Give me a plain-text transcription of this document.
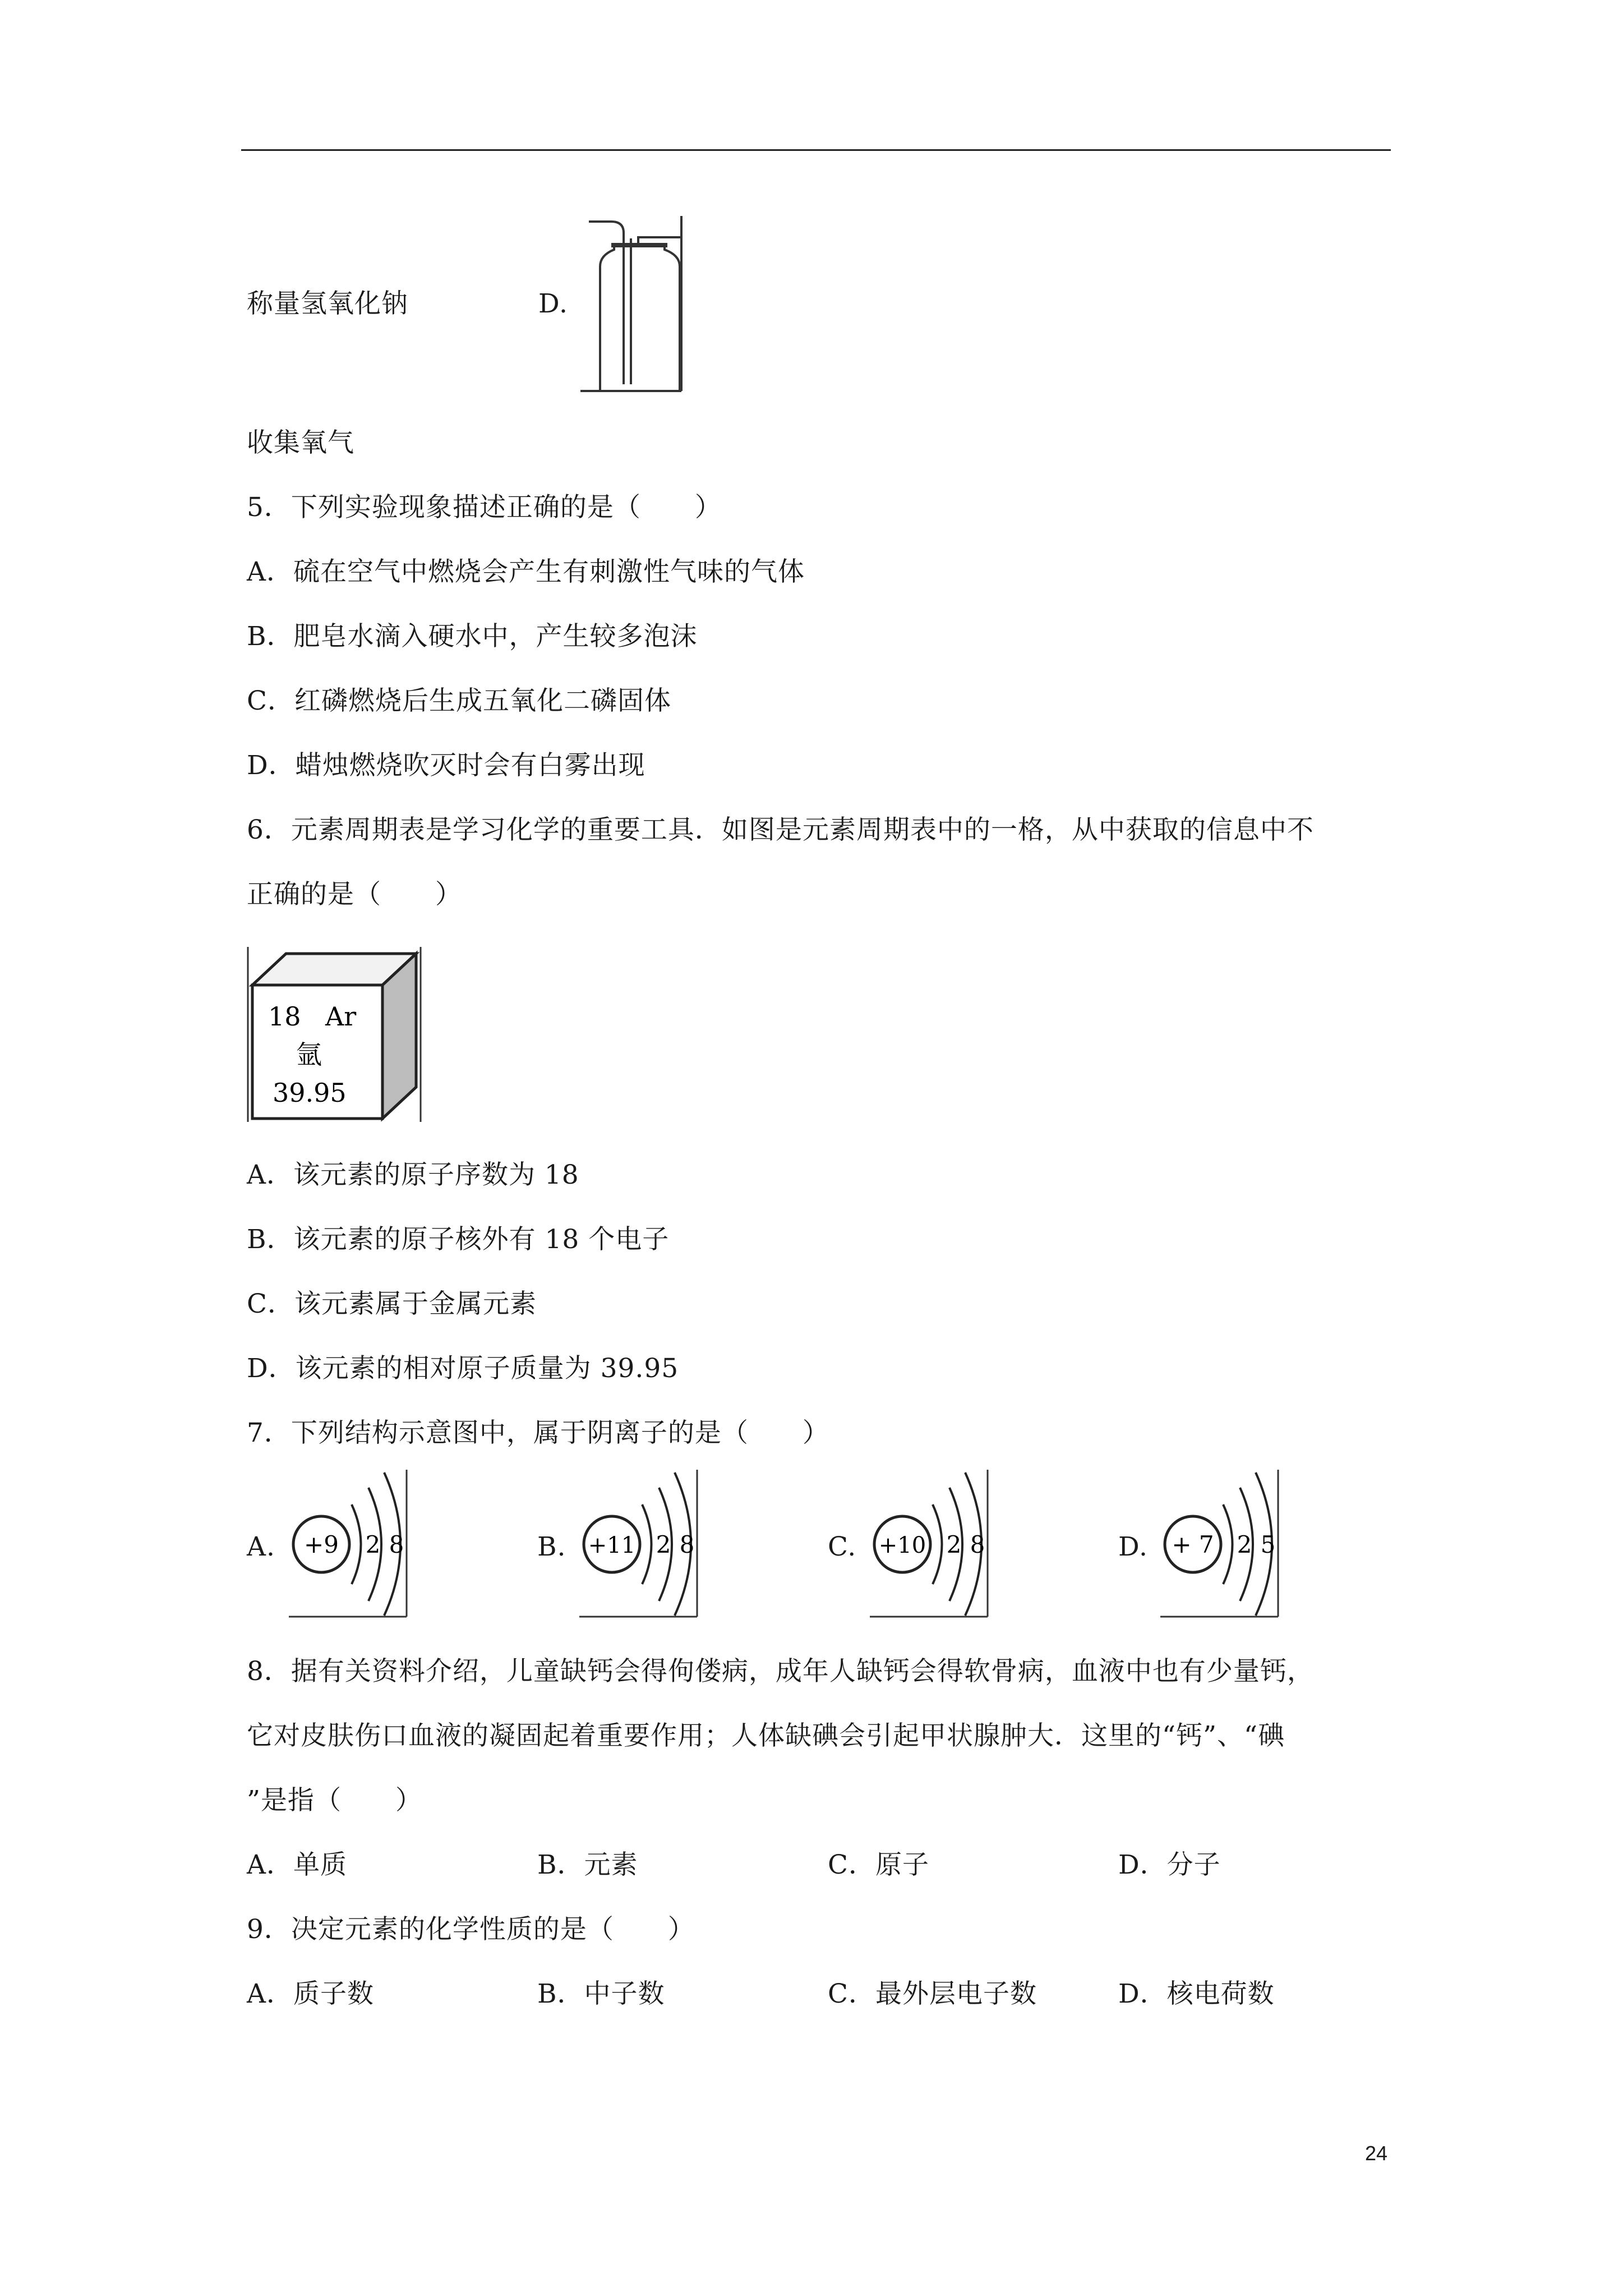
称量氢氧化钠	D.
收集氧气
5．下列实验现象描述正确的是（　　）
A．硫在空气中燃烧会产生有刺激性气味的气体
B．肥皂水滴入硬水中，产生较多泡沫
C．红磷燃烧后生成五氧化二磷固体
D．蜡烛燃烧吹灭时会有白雾出现
6．元素周期表是学习化学的重要工具．如图是元素周期表中的一格，从中获取的信息中不
正确的是（　　）
18 Ar
氩
39.95
A．该元素的原子序数为 18
B．该元素的原子核外有 18 个电子
C．该元素属于金属元素
D．该元素的相对原子质量为 39.95
7．下列结构示意图中，属于阴离子的是（　　）
A. +9 2 8	B. +11 2 8	C. +10 2 8	D. + 7 2 5
8．据有关资料介绍，儿童缺钙会得佝偻病，成年人缺钙会得软骨病，血液中也有少量钙，
它对皮肤伤口血液的凝固起着重要作用；人体缺碘会引起甲状腺肿大．这里的“钙”、“碘
”是指（　　）
A．单质	B．元素	C．原子	D．分子
9．决定元素的化学性质的是（　　）
A．质子数	B．中子数	C．最外层电子数	D．核电荷数
24
